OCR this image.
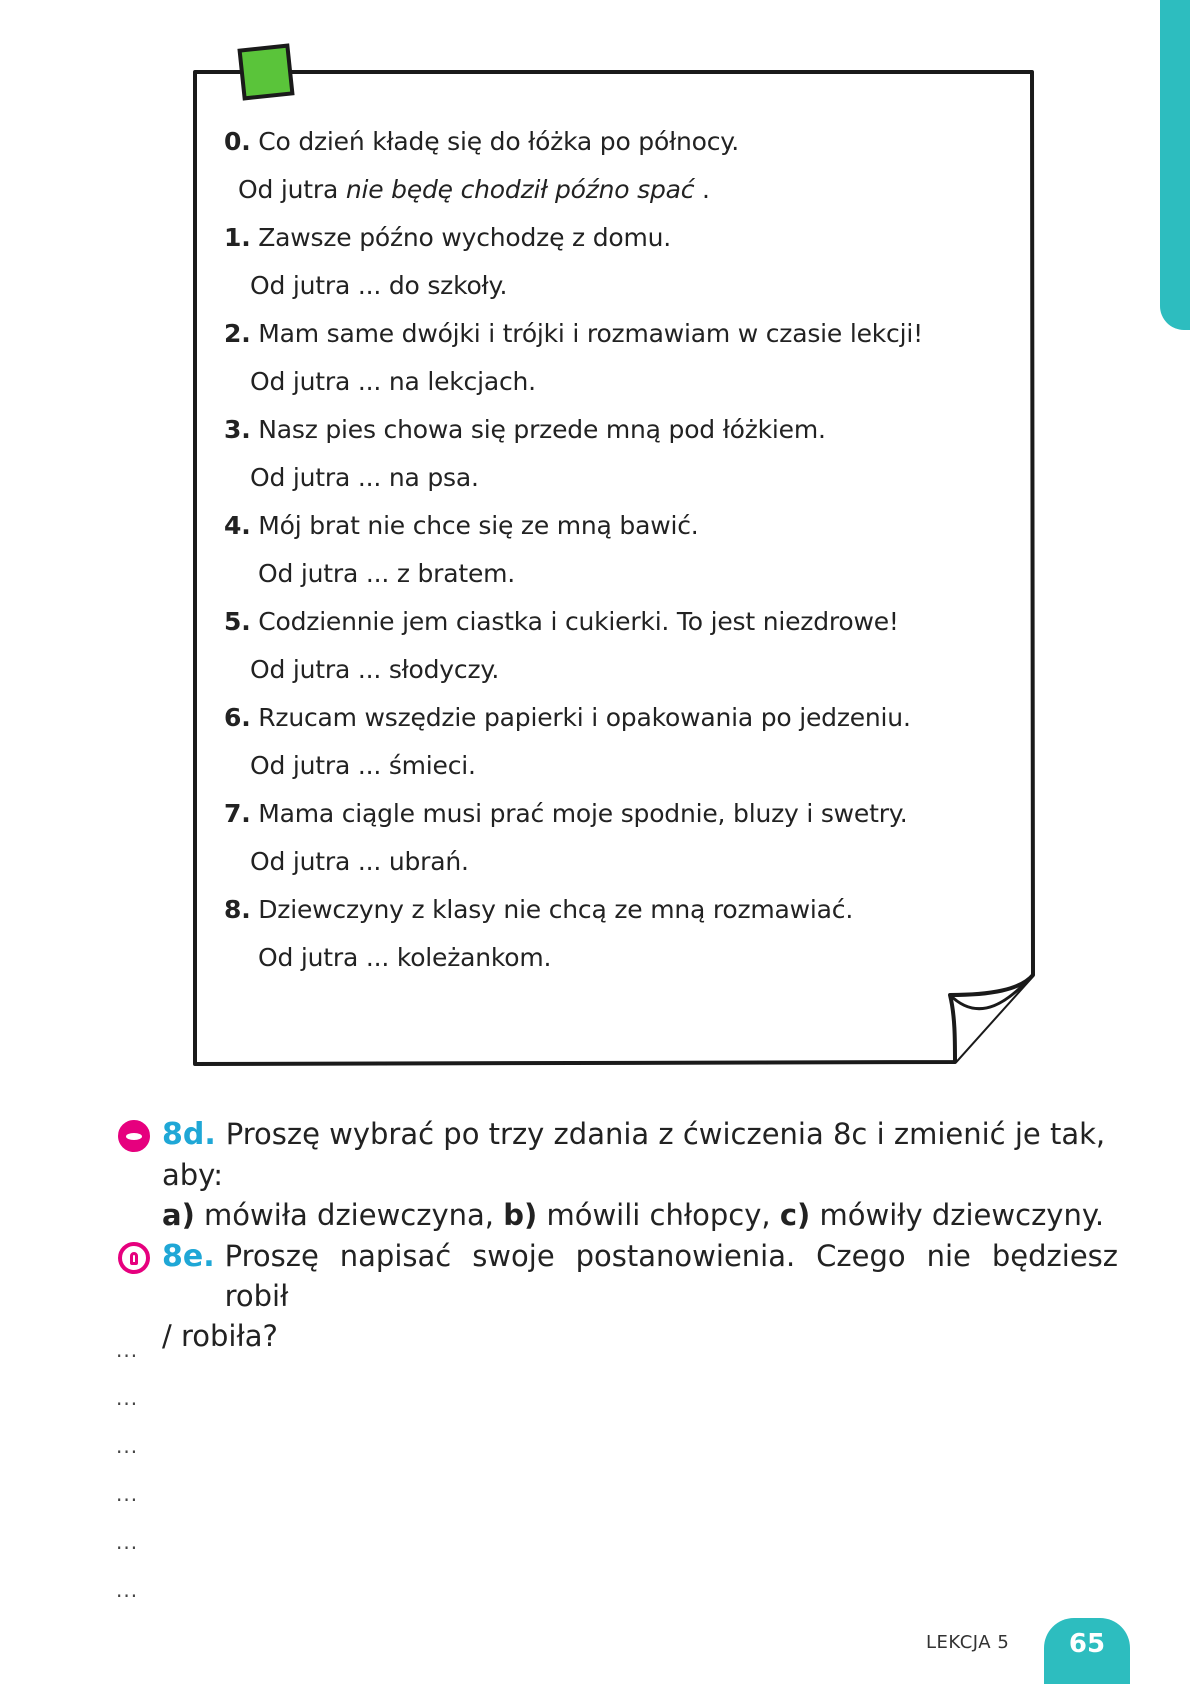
0. Co dzień kładę się do łóżka po północy.
Od jutra nie będę chodził późno spać .
1. Zawsze późno wychodzę z domu.
Od jutra ... do szkoły.
2. Mam same dwójki i trójki i rozmawiam w czasie lekcji!
Od jutra ... na lekcjach.
3. Nasz pies chowa się przede mną pod łóżkiem.
Od jutra ... na psa.
4. Mój brat nie chce się ze mną bawić.
Od jutra ... z bratem.
5. Codziennie jem ciastka i cukierki. To jest niezdrowe!
Od jutra ... słodyczy.
6. Rzucam wszędzie papierki i opakowania po jedzeniu.
Od jutra ... śmieci.
7. Mama ciągle musi prać moje spodnie, bluzy i swetry.
Od jutra ... ubrań.
8. Dziewczyny z klasy nie chcą ze mną rozmawiać.
Od jutra ... koleżankom.
8d. Proszę wybrać po trzy zdania z ćwiczenia 8c i zmienić je tak, aby:
a) mówiła dziewczyna, b) mówili chłopcy, c) mówiły dziewczyny.
8e. Proszę napisać swoje postanowienia. Czego nie będziesz robił
/ robiła?
...
...
...
...
...
...
LEKCJA 5	65
